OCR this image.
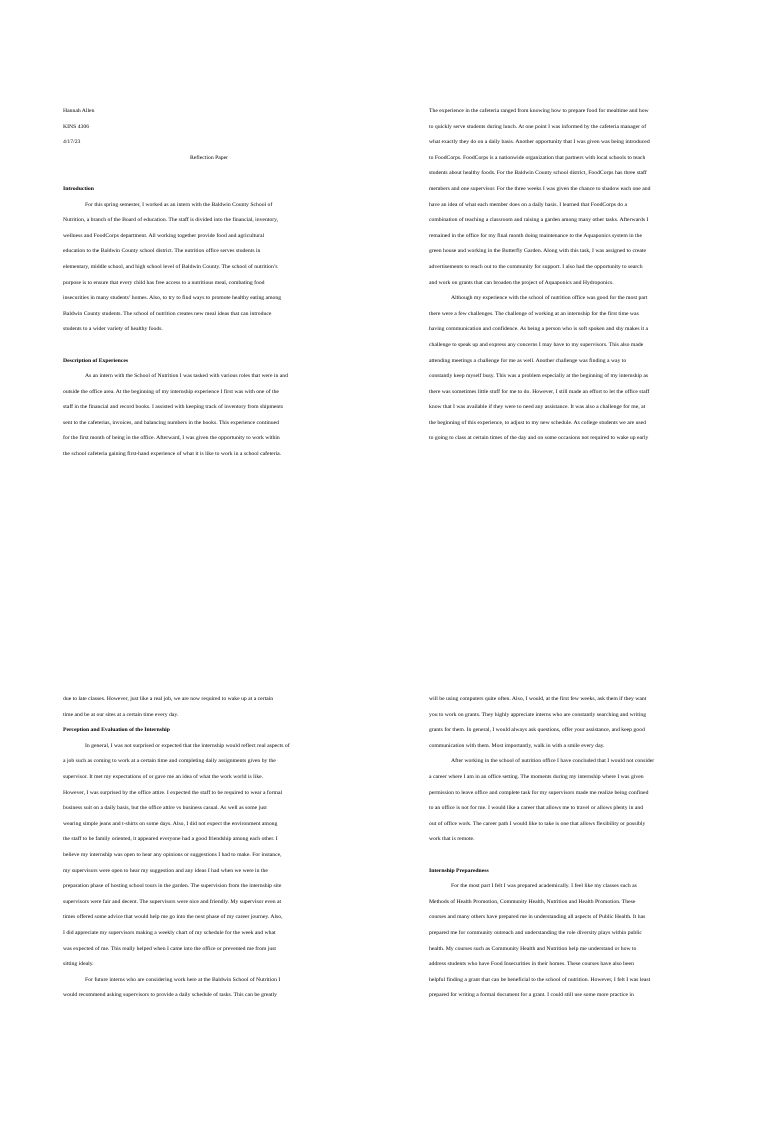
Hannah Allen
KINS 4306
4/17/23
Reflection Paper
Introduction
For this spring semester, I worked as an intern with the Baldwin County School of
Nutrition, a branch of the Board of education. The staff is divided into the financial, inventory,
wellness and FoodCorps department. All working together provide food and agricultural
education to the Baldwin County school district. The nutrition office serves students in
elementary, middle school, and high school level of Baldwin County. The school of nutrition’s
purpose is to ensure that every child has free access to a nutritious meal, combating food
insecurities in many students’ homes. Also, to try to find ways to promote healthy eating among
Baldwin County students. The school of nutrition creates new meal ideas that can introduce
students to a wider variety of healthy foods.
Description of Experiences
As an intern with the School of Nutrition I was tasked with various roles that were in and
outside the office area. At the beginning of my internship experience I first was with one of the
staff in the financial and record books. I assisted with keeping track of inventory from shipments
sent to the cafeterias, invoices, and balancing numbers in the books. This experience continued
for the first month of being in the office. Afterward, I was given the opportunity to work within
the school cafeteria gaining first-hand experience of what it is like to work in a school cafeteria.
The experience in the cafeteria ranged from knowing how to prepare food for mealtime and how
to quickly serve students during lunch. At one point I was informed by the cafeteria manager of
what exactly they do on a daily basis. Another opportunity that I was given was being introduced
to FoodCorps. FoodCorps is a nationwide organization that partners with local schools to teach
students about healthy foods. For the Baldwin County school district, FoodCorps has three staff
members and one supervisor. For the three weeks I was given the chance to shadow each one and
have an idea of what each member does on a daily basis. I learned that FoodCorps do a
combination of teaching a classroom and raising a garden among many other tasks. Afterwards I
remained in the office for my final month doing maintenance to the Aquaponics system in the
green house and working in the Butterfly Garden. Along with this task, I was assigned to create
advertisements to reach out to the community for support. I also had the opportunity to search
and work on grants that can broaden the project of Aquaponics and Hydroponics.
Although my experience with the school of nutrition office was good for the most part
there were a few challenges. The challenge of working at an internship for the first time was
having communication and confidence. As being a person who is soft spoken and shy makes it a
challenge to speak up and express any concerns I may have to my supervisors. This also made
attending meetings a challenge for me as well. Another challenge was finding a way to
constantly keep myself busy. This was a problem especially at the beginning of my internship as
there was sometimes little stuff for me to do. However, I still made an effort to let the office staff
know that I was available if they were to need any assistance. It was also a challenge for me, at
the beginning of this experience, to adjust to my new schedule. As college students we are used
to going to class at certain times of the day and on some occasions not required to wake up early
due to late classes. However, just like a real job, we are now required to wake up at a certain
time and be at our sites at a certain time every day.
Perception and Evaluation of the Internship
In general, I was not surprised or expected that the internship would reflect real aspects of
a job such as coming to work at a certain time and completing daily assignments given by the
supervisor. It met my expectations of or gave me an idea of what the work world is like.
However, I was surprised by the office attire. I expected the staff to be required to wear a formal
business suit on a daily basis, but the office attire vs business casual. As well as some just
wearing simple jeans and t-shirts on some days. Also, I did not expect the environment among
the staff to be family oriented, it appeared everyone had a good friendship among each other. I
believe my internship was open to hear any opinions or suggestions I had to make. For instance,
my supervisors were open to hear my suggestion and any ideas I had when we were in the
preparation phase of hosting school tours in the garden. The supervision from the internship site
supervisors were fair and decent. The supervisors were nice and friendly. My supervisor even at
times offered some advice that would help me go into the next phase of my career journey. Also,
I did appreciate my supervisors making a weekly chart of my schedule for the week and what
was expected of me. This really helped when I came into the office or prevented me from just
sitting idealy.
For future interns who are considering work here at the Baldwin School of Nutrition I
would recommend asking supervisors to provide a daily schedule of tasks. This can be greatly
will be using computers quite often. Also, I would, at the first few weeks, ask them if they want
you to work on grants. They highly appreciate interns who are constantly searching and writing
grants for them. In general, I would always ask questions, offer your assistance, and keep good
communication with them. Most importantly, walk in with a smile every day.
After working in the school of nutrition office I have concluded that I would not consider
a career where I am in an office setting. The moments during my internship where I was given
permission to leave office and complete task for my supervisors made me realize being confined
to an office is not for me. I would like a career that allows me to travel or allows plenty in and
out of office work. The career path I would like to take is one that allows flexibility or possibly
work that is remote.
Internship Preparedness
For the most part I felt I was prepared academically. I feel like my classes such as
Methods of Health Promotion, Community Health, Nutrition and Health Promotion. These
courses and many others have prepared me in understanding all aspects of Public Health. It has
prepared me for community outreach and understanding the role diversity plays within public
health. My courses such as Community Health and Nutrition help me understand or how to
address students who have Food Insecurities in their homes. These courses have also been
helpful finding a grant that can be beneficial to the school of nutrition. However, I felt I was least
prepared for writing a formal document for a grant. I could still use some more practice in
